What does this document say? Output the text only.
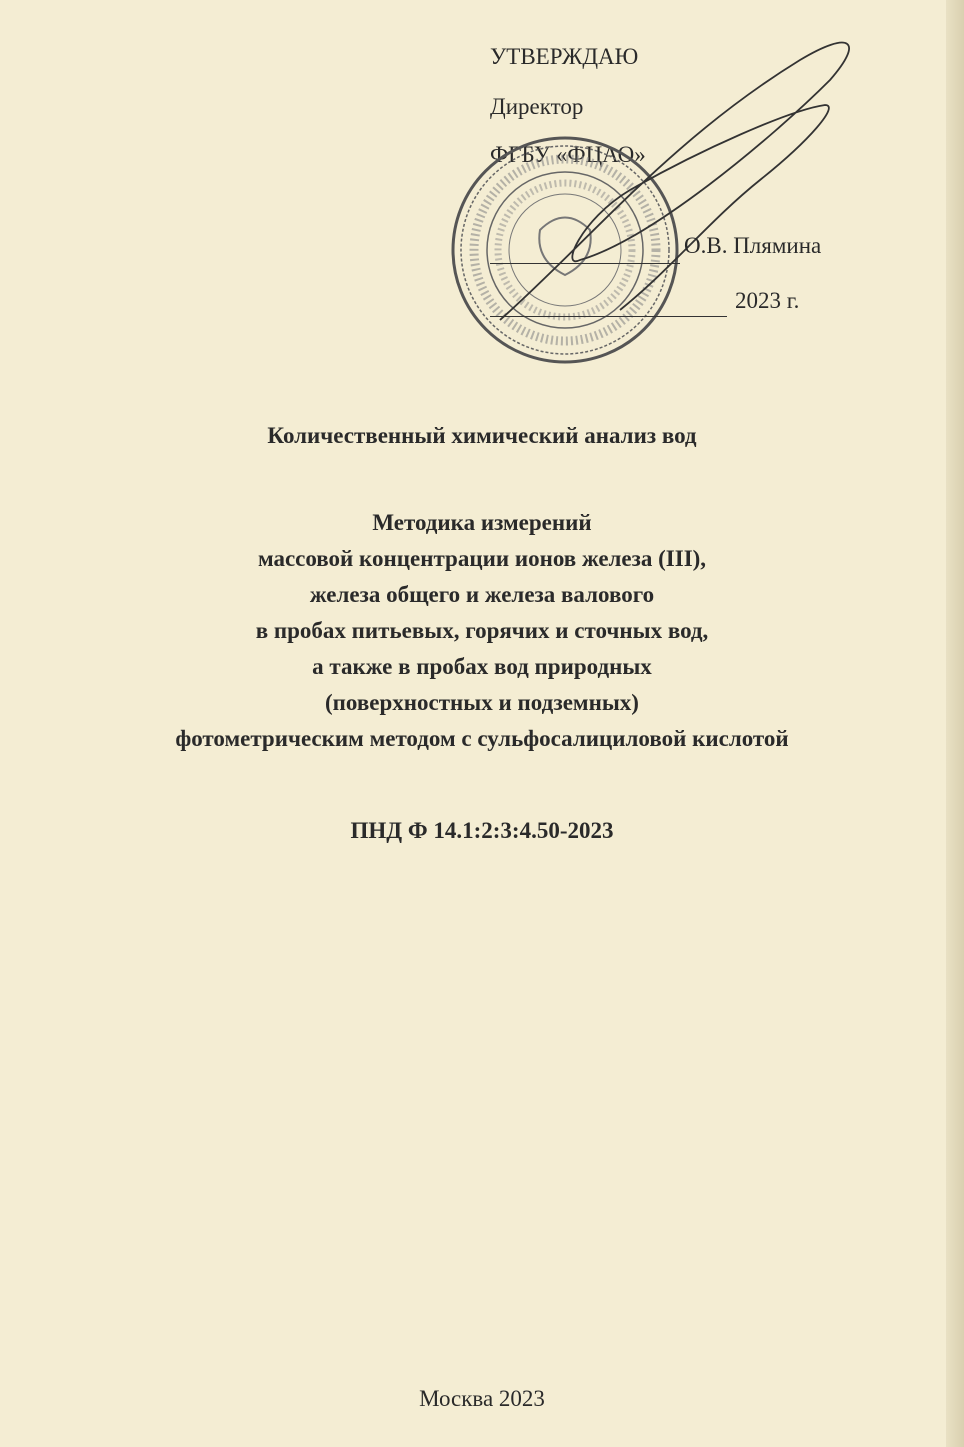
УТВЕРЖДАЮ
Директор
ФГБУ «ФЦАО»
О.В. Плямина
2023 г.
Количественный химический анализ вод
Методика измерений
массовой концентрации ионов железа (III),
железа общего и железа валового
в пробах питьевых, горячих и сточных вод,
а также в пробах вод природных
(поверхностных и подземных)
фотометрическим методом с сульфосалициловой кислотой
ПНД Ф 14.1:2:3:4.50-2023
Москва 2023
